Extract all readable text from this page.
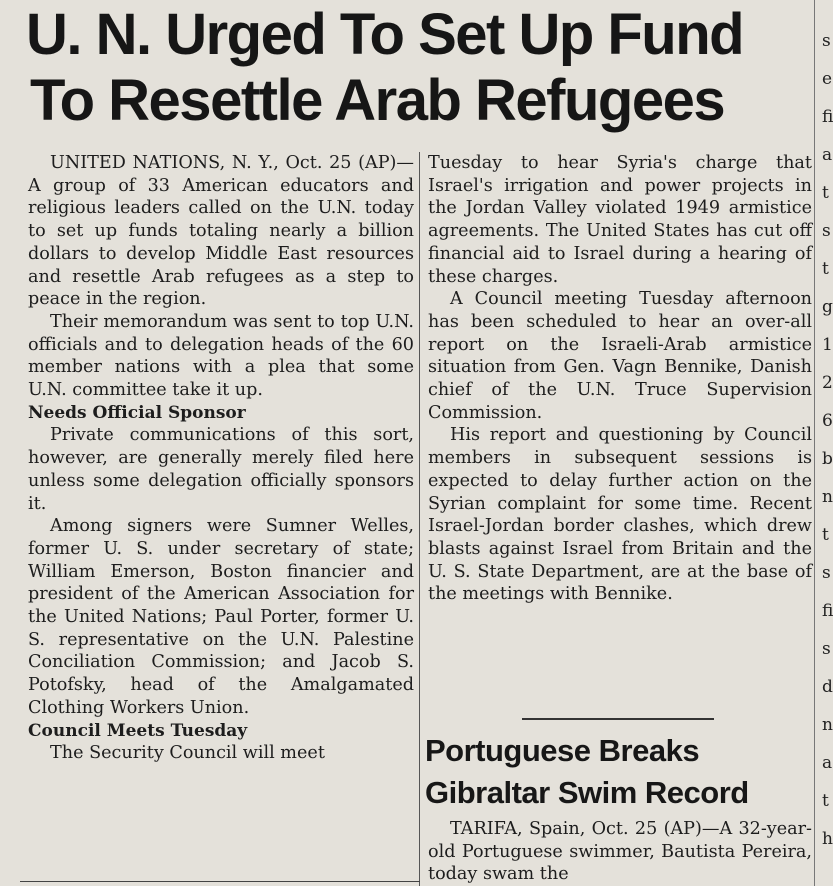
U. N. Urged To Set Up Fund
To Resettle Arab Refugees

UNITED NATIONS, N. Y., Oct. 25 (AP)—A group of 33 American educators and religious leaders called on the U.N. today to set up funds totaling nearly a billion dollars to develop Middle East resources and resettle Arab refugees as a step to peace in the region.

Their memorandum was sent to top U.N. officials and to delegation heads of the 60 member nations with a plea that some U.N. committee take it up.

Needs Official Sponsor

Private communications of this sort, however, are generally merely filed here unless some delegation officially sponsors it.

Among signers were Sumner Welles, former U. S. under secretary of state; William Emerson, Boston financier and president of the American Association for the United Nations; Paul Porter, former U. S. representative on the U.N. Palestine Conciliation Commission; and Jacob S. Potofsky, head of the Amalgamated Clothing Workers Union.

Council Meets Tuesday

The Security Council will meet

Tuesday to hear Syria's charge that Israel's irrigation and power projects in the Jordan Valley violated 1949 armistice agreements. The United States has cut off financial aid to Israel during a hearing of these charges.

A Council meeting Tuesday afternoon has been scheduled to hear an over-all report on the Israeli-Arab armistice situation from Gen. Vagn Bennike, Danish chief of the U.N. Truce Supervision Commission.

His report and questioning by Council members in subsequent sessions is expected to delay further action on the Syrian complaint for some time. Recent Israel-Jordan border clashes, which drew blasts against Israel from Britain and the U. S. State Department, are at the base of the meetings with Bennike.

Portuguese Breaks
Gibraltar Swim Record

TARIFA, Spain, Oct. 25 (AP)—A 32-year-old Portuguese swimmer, Bautista Pereira, today swam the

s
e
fi
a
t
s
t
g
1
2
6
b
n
t
s
fi
s
d
n
a
t
h
